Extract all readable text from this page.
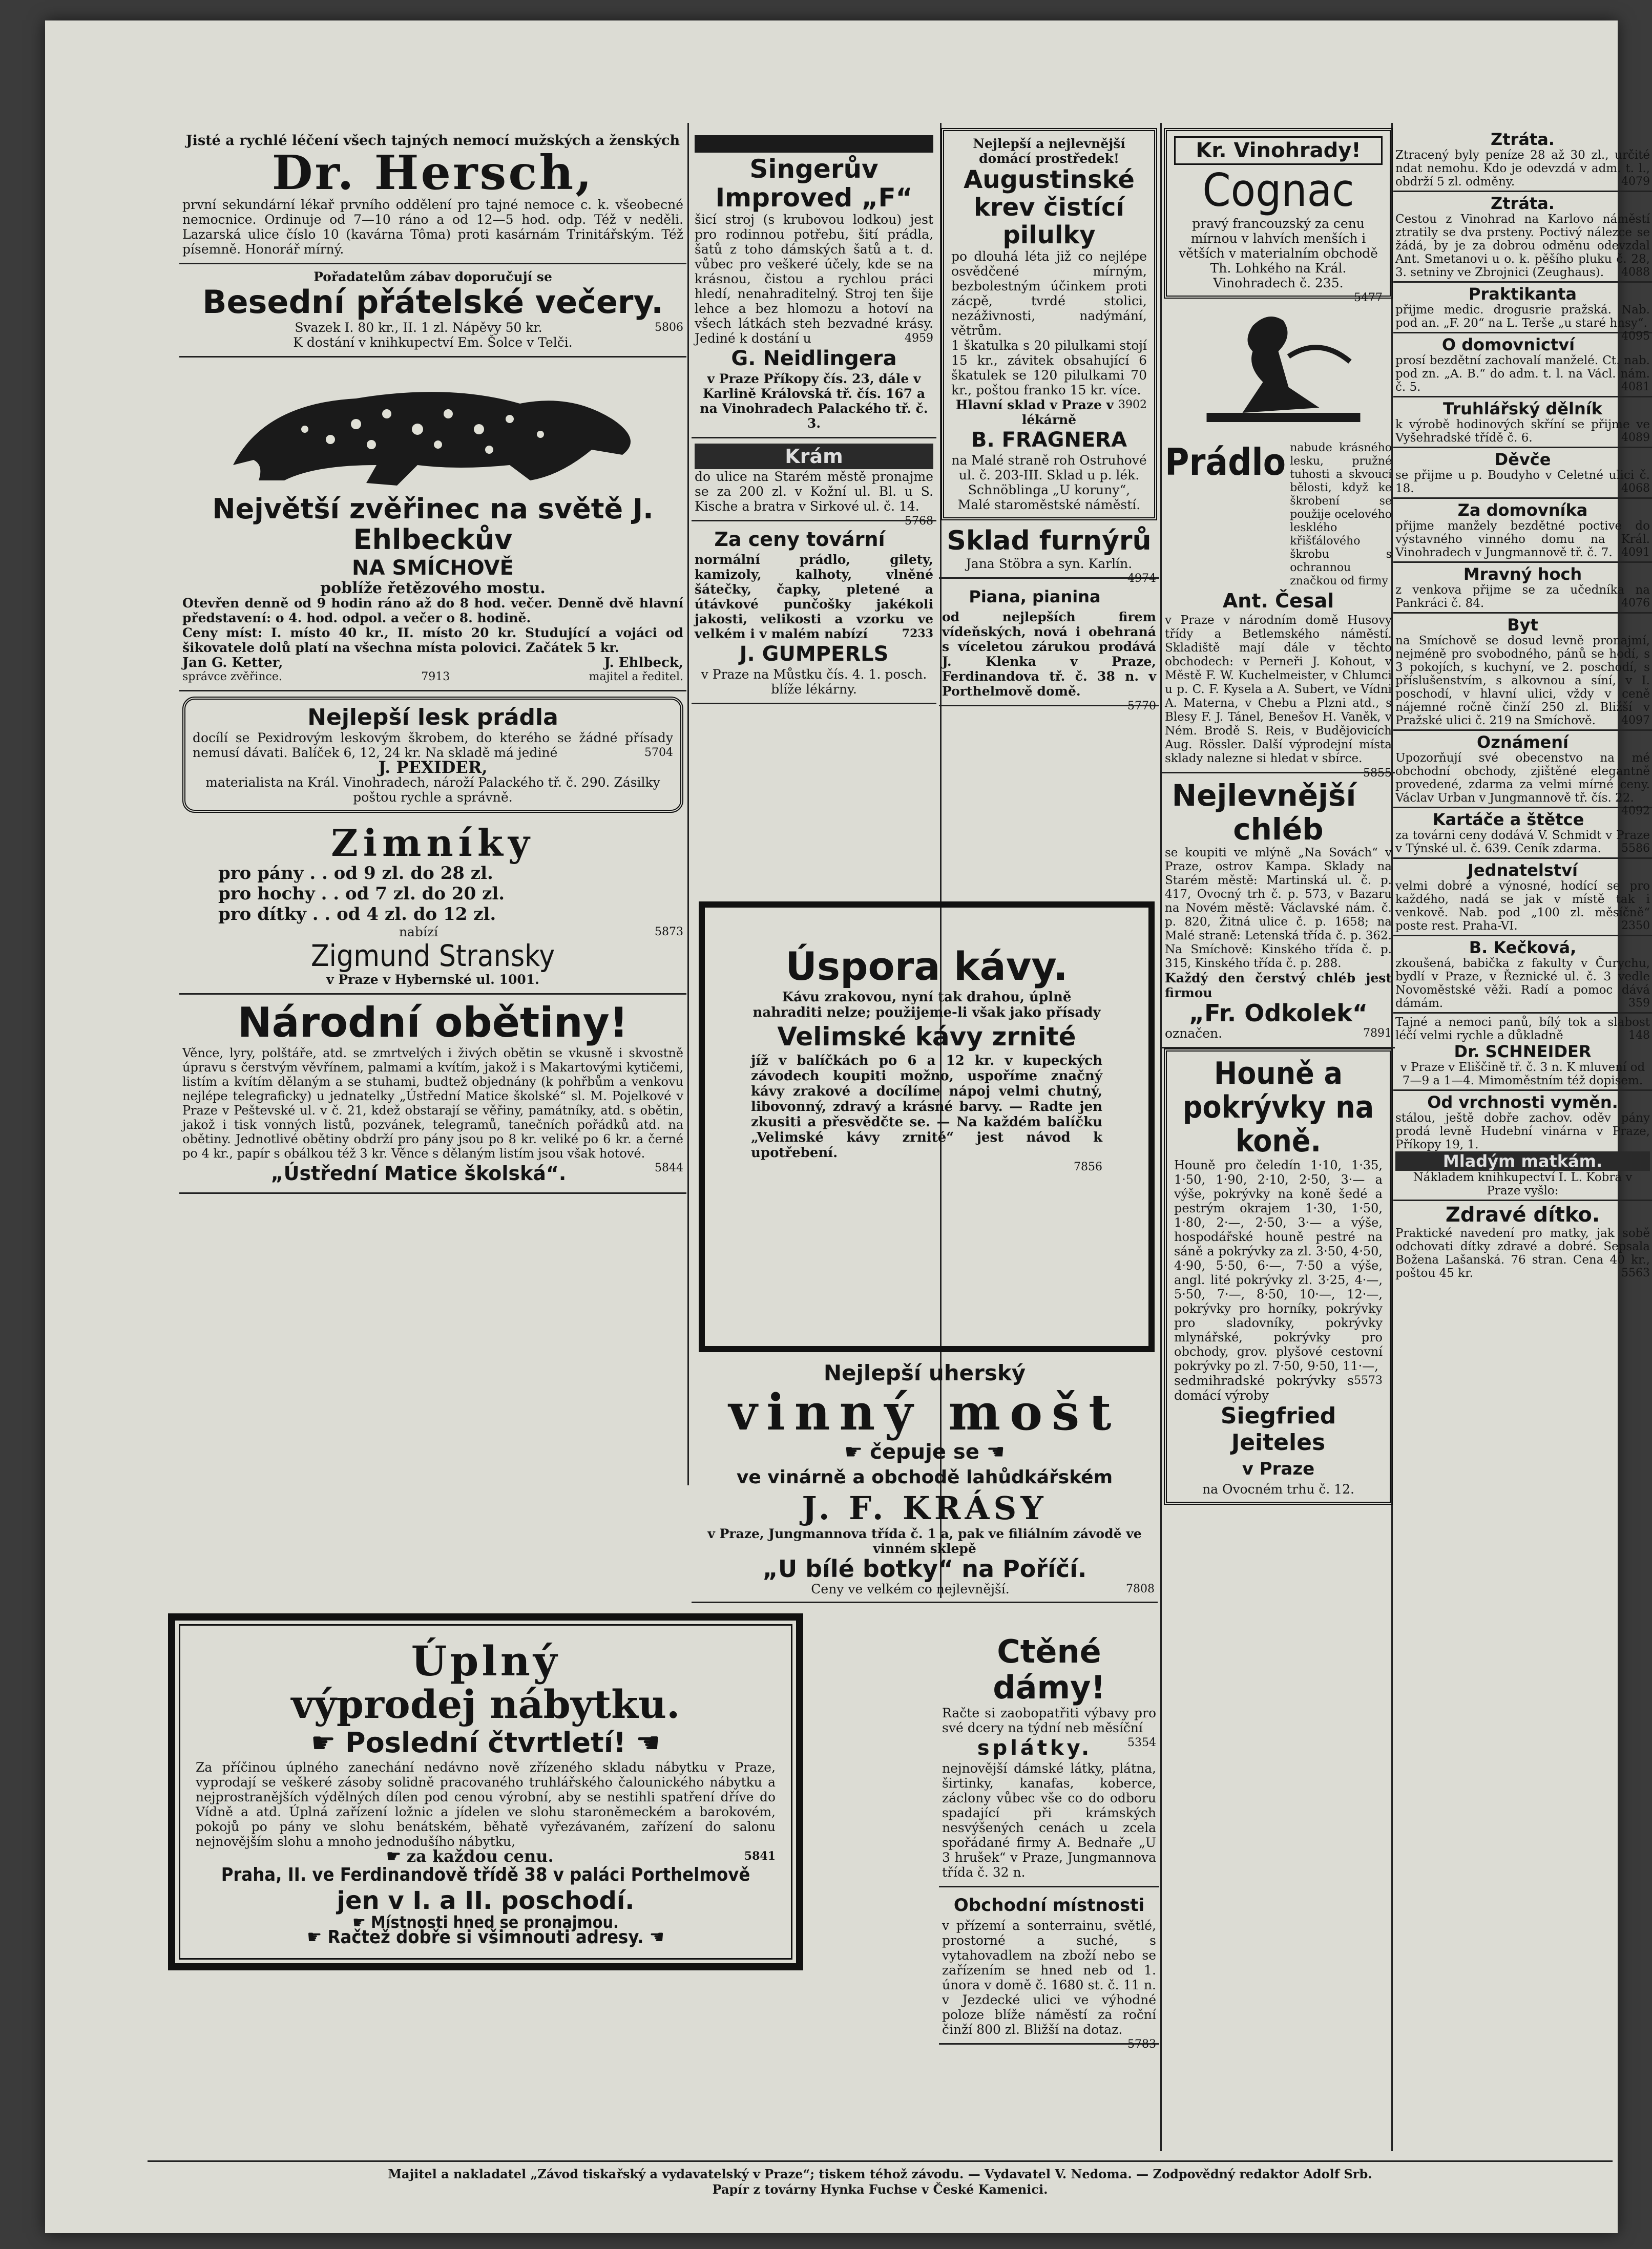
Jisté a rychlé léčení všech tajných nemocí mužských a ženských
Dr. Hersch,
první sekundární lékař prvního oddělení pro tajné nemoce c. k. všeobecné nemocnice. Ordinuje od 7—10 ráno a od 12—5 hod. odp. Též v neděli. Lazarská ulice číslo 10 (kavárna Tôma) proti kasárnám Trinitářským. Též písemně. Honorář mírný.
Pořadatelům zábav doporučují se
Besední přátelské večery.
Svazek I. 80 kr., II. 1 zl. Nápěvy 50 kr.	5806
K dostání v knihkupectví Em. Šolce v Telči.
Největší zvěřinec na světě J. Ehlbeckův
NA SMÍCHOVĚ
poblíže řetězového mostu.
Otevřen denně od 9 hodin ráno až do 8 hod. večer. Denně dvě hlavní představení: o 4. hod. odpol. a večer o 8. hodině.
Ceny míst: I. místo 40 kr., II. místo 20 kr. Studující a vojáci od šikovatele dolů platí na všechna místa polovici. Začátek 5 kr.
Jan G. Ketter,	J. Ehlbeck,
správce zvěřince.	7913	majitel a ředitel.
Nejlepší lesk prádla
docílí se Pexidrovým leskovým škrobem, do kterého se žádné přísady nemusí dávati. Balíček 6, 12, 24 kr. Na skladě má jediné	5704
J. PEXIDER,
materialista na Král. Vinohradech, nároží Palackého tř. č. 290. Zásilky poštou rychle a správně.
Zimníky
pro pány . . od 9 zl. do 28 zl.
pro hochy . . od 7 zl. do 20 zl.
pro dítky . . od 4 zl. do 12 zl.
nabízí	5873
Zigmund Stransky
v Praze v Hybernské ul. 1001.
Národní obětiny!
Věnce, lyry, polštáře, atd. se zmrtvelých i živých obětin se vkusně i skvostně úpravu s čerstvým věvřínem, palmami a kvítím, jakož i s Makartovými kytičemi, listím a kvítím dělaným a se stuhami, budtež objednány (k pohřbům a venkovu nejlépe telegraficky) u jednatelky „Ústřední Matice školské“ sl. M. Pojelkové v Praze v Peštevské ul. v č. 21, kdež obstarají se věřiny, památníky, atd. s obětin, jakož i tisk vonných listů, pozvánek, telegramů, tanečních pořádků atd. na obětiny. Jednotlivé obětiny obdrží pro pány jsou po 8 kr. veliké po 6 kr. a černé po 4 kr., papír s obálkou též 3 kr. Věnce s dělaným listím jsou však hotové.
5844
„Ústřední Matice školská“.
Úplný
výprodej nábytku.
☛ Poslední čtvrtletí! ☚
Za příčinou úplného zanechání nedávno nově zřízeného skladu nábytku v Praze, vyprodají se veškeré zásoby solidně pracovaného truhlářského čalounického nábytku a nejprostranějších výdělných dílen pod cenou výrobní, aby se nestihli spatření dříve do Vídně a atd. Úplná zařízení ložnic a jídelen ve slohu staroněmeckém a barokovém, pokojů po pány ve slohu benátském, běhatě vyřezávaném, zařízení do salonu nejnovějším slohu a mnoho jednodušího nábytku,
☛ za každou cenu.	5841
Praha, II. ve Ferdinandově třídě 38 v paláci Porthelmově
jen v I. a II. poschodí.
☛ Místnosti hned se pronajmou.
☛ Račtež dobře si všimnouti adresy. ☚
Singerův Improved „F“
šicí stroj (s krubovou lodkou) jest pro rodinnou potřebu, šití prádla, šatů z toho dámských šatů a t. d. vůbec pro veškeré účely, kde se na krásnou, čistou a rychlou práci hledí, nenahraditelný. Stroj ten šije lehce a bez hlomozu a hotoví na všech látkách steh bezvadné krásy. Jediné k dostání u	4959
G. Neidlingera
v Praze Příkopy čís. 23, dále v Karlině Královská tř. čís. 167 a na Vinohradech Palackého tř. č. 3.
Krám
do ulice na Starém městě pronajme se za 200 zl. v Kožní ul. Bl. u S. Kische a bratra v Sirkové ul. č. 14.
5768
Za ceny tovární
normální prádlo, gilety, kamizoly, kalhoty, vlněné šátečky, čapky, pletené a útávkové punčošky jakékoli jakosti, velikosti a vzorku ve velkém i v malém nabízí	7233
J. GUMPERLS
v Praze na Můstku čís. 4. 1. posch. blíže lékárny.
Úspora kávy.
Kávu zrakovou, nyní tak drahou, úplně nahraditi nelze; použijeme-li však jako přísady
Velimské kávy zrnité
jíž v balíčkách po 6 a 12 kr. v kupeckých závodech koupiti možno, uspoříme značný kávy zrakové a docílíme nápoj velmi chutný, libovonný, zdravý a krásné barvy. — Radte jen zkusiti a přesvědčte se. — Na každém balíčku „Velimské kávy zrnité“ jest návod k upotřebení.
7856
Nejlepší uherský
vinný mošt
☛ čepuje se ☚
ve vinárně a obchodě lahůdkářském
J. F. KRÁSY
v Praze, Jungmannova třída č. 1 a, pak ve filiálním závodě ve vinném sklepě
„U bílé botky“ na Poříčí.
Ceny ve velkém co nejlevnější.	7808
Nejlepší a nejlevnější domácí prostředek!
Augustinské krev čistící pilulky
po dlouhá léta již co nejlépe osvědčené mírným, bezbolestným účinkem proti zácpě, tvrdé stolici, nezáživnosti, nadýmání, větrům.
1 škatulka s 20 pilulkami stojí 15 kr., závitek obsahující 6 škatulek se 120 pilulkami 70 kr., poštou franko 15 kr. více.
3902
Hlavní sklad v Praze v lékárně
B. FRAGNERA
na Malé straně roh Ostruhové ul. č. 203-III. Sklad u p. lék. Schnöblinga „U koruny“, Malé staroměstské náměstí.
Sklad furnýrů
Jana Stöbra a syn. Karlín.
4974
Piana, pianina
od nejlepších firem vídeňských, nová i obehraná s víceletou zárukou prodává J. Klenka v Praze, Ferdinandova tř. č. 38 n. v Porthelmově domě.
5770
Ctěné dámy!
Račte si zaobopatřiti výbavy pro své dcery na týdní neb měsíční
5354
splátky.
nejnovější dámské látky, plátna, širtinky, kanafas, koberce, záclony vůbec vše co do odboru spadající při krámských nesvýšených cenách u zcela spořádané firmy A. Bednaře „U 3 hrušek“ v Praze, Jungmannova třída č. 32 n.
Obchodní místnosti
v přízemí a sonterrainu, světlé, prostorné a suché, s vytahovadlem na zboží nebo se zařízením se hned neb od 1. února v domě č. 1680 st. č. 11 n. v Jezdecké ulici ve výhodné poloze blíže náměstí za roční činží 800 zl. Bližší na dotaz.
5783
Kr. Vinohrady!
Cognac
pravý francouzský za cenu mírnou v lahvích menších i větších v materialním obchodě Th. Lohkého na Král. Vinohradech č. 235.
5477
Prádlo nabude krásného lesku, pružné tuhosti a skvoucí bělosti, když ke škrobení se použije ocelového lesklého křišťálového škrobu s ochrannou značkou od firmy
Ant. Česal
v Praze v národním domě Husovy třídy a Betlemského náměstí. Skladiště mají dále v těchto obchodech: v Perneři J. Kohout, v Městě F. W. Kuchelmeister, v Chlumci u p. C. F. Kysela a A. Subert, ve Vídni A. Materna, v Chebu a Plzni atd., s Blesy F. J. Tánel, Benešov H. Vaněk, v Ném. Brodě S. Reis, v Budějovicích Aug. Rössler. Další výprodejní místa sklady nalezne si hledat v sbírce.
5855
Nejlevnější chléb
se koupiti ve mlýně „Na Sovách“ v Praze, ostrov Kampa. Sklady na Starém městě: Martinská ul. č. p. 417, Ovocný trh č. p. 573, v Bazaru na Novém městě: Václavské nám. č. p. 820, Žitná ulice č. p. 1658; na Malé straně: Letenská třída č. p. 362. Na Smíchově: Kinského třída č. p. 315, Kinského třída č. p. 288.
Každý den čerstvý chléb jest firmou
„Fr. Odkolek“
označen.	7891
Houně a pokrývky na koně.
Houně pro čeledín 1·10, 1·35, 1·50, 1·90, 2·10, 2·50, 3·— a výše, pokrývky na koně šedé a pestrým okrajem 1·30, 1·50, 1·80, 2·—, 2·50, 3·— a výše, hospodářské houně pestré na sáně a pokrývky za zl. 3·50, 4·50, 4·90, 5·50, 6·—, 7·50 a výše, angl. lité pokrývky zl. 3·25, 4·—, 5·50, 7·—, 8·50, 10·—, 12·—, pokrývky pro horníky, pokrývky pro sladovníky, pokrývky mlynářské, pokrývky pro obchody, grov. plyšové cestovní pokrývky po zl. 7·50, 9·50, 11·—,
5573
sedmihradské pokrývky s domácí výroby
Siegfried Jeiteles
v Praze
na Ovocném trhu č. 12.
Ztráta.
Ztracený byly peníze 28 až 30 zl., určité ndat nemohu. Kdo je odevzdá v adm. t. l., obdrží 5 zl. odměny.	4079
Ztráta.
Cestou z Vinohrad na Karlovo náměstí ztratily se dva prsteny. Poctivý nálezce se žádá, by je za dobrou odměnu odevzdal Ant. Smetanovi u o. k. pěšího pluku č. 28, 3. setniny ve Zbrojnici (Zeughaus). 4088
Praktikanta
přijme medic. drogusrie pražská. Nab. pod an. „F. 20“ na L. Terše „u staré hnsy“.
4095
O domovnictví
prosí bezdětní zachovalí manželé. Ct. nab. pod zn. „A. B.“ do adm. t. l. na Václ. nám. č. 5.	4081
Truhlářský dělník
k výrobě hodinových skříní se přijme ve Vyšehradské třídě č. 6.	4089
Děvče
se přijme u p. Boudyho v Celetné ulici č. 18.	4068
Za domovníka
přijme manžely bezdětné poctivé do výstavného vinného domu na Král. Vinohradech v Jungmannově tř. č. 7. 4091
Mravný hoch
z venkova přijme se za učedníka na Pankráci č. 84.	4076
Byt
na Smíchově se dosud levně pronajmí, nejméně pro svobodného, pánů se hodí, s 3 pokojích, s kuchyní, ve 2. poschodí, s příslušenstvím, s alkovnou a síní, v I. poschodí, v hlavní ulici, vždy v ceně nájemné ročně činží 250 zl. Bližší v Pražské ulici č. 219 na Smíchově. 4097
Oznámení
Upozorňují své obecenstvo na mé obchodní obchody, zjištěné elegantně provedené, zdarma za velmi mírné ceny. Václav Urban v Jungmannově tř. čís. 22.
4092
Kartáče a štětce
za továrni ceny dodává V. Schmidt v Praze v Týnské ul. č. 639. Ceník zdarma. 5586
Jednatelství
velmi dobré a výnosné, hodící se pro každého, nadá se jak v místě tak i venkově. Nab. pod „100 zl. měsíčně“ poste rest. Praha-VI.	2350
B. Kečková,
zkoušená, babička z fakulty v Čurychu, bydlí v Praze, v Řeznické ul. č. 3 vedle Novoměstské věži. Radí a pomoc dává dámám.	359
Tajné a nemoci panů, bílý tok a slabost léčí velmi rychle a důkladně	148
Dr. SCHNEIDER
v Praze v Eliščině tř. č. 3 n. K mluvení od 7—9 a 1—4. Mimoměstním též dopisem.
Od vrchnosti vyměn.
stálou, ještě dobře zachov. oděv pány prodá levně Hudební vinárna v Praze, Příkopy 19, 1.
Mladým matkám.
Nákladem knihkupectví I. L. Kobra v Praze vyšlo:
Zdravé dítko.
Praktické navedení pro matky, jak sobě odchovati dítky zdravé a dobré. Sepsala Božena Lašanská. 76 stran. Cena 40 kr., poštou 45 kr.	5563
Majitel a nakladatel „Závod tiskařský a vydavatelský v Praze“; tiskem téhož závodu. — Vydavatel V. Nedoma. — Zodpovědný redaktor Adolf Srb.
Papír z továrny Hynka Fuchse v České Kamenici.
